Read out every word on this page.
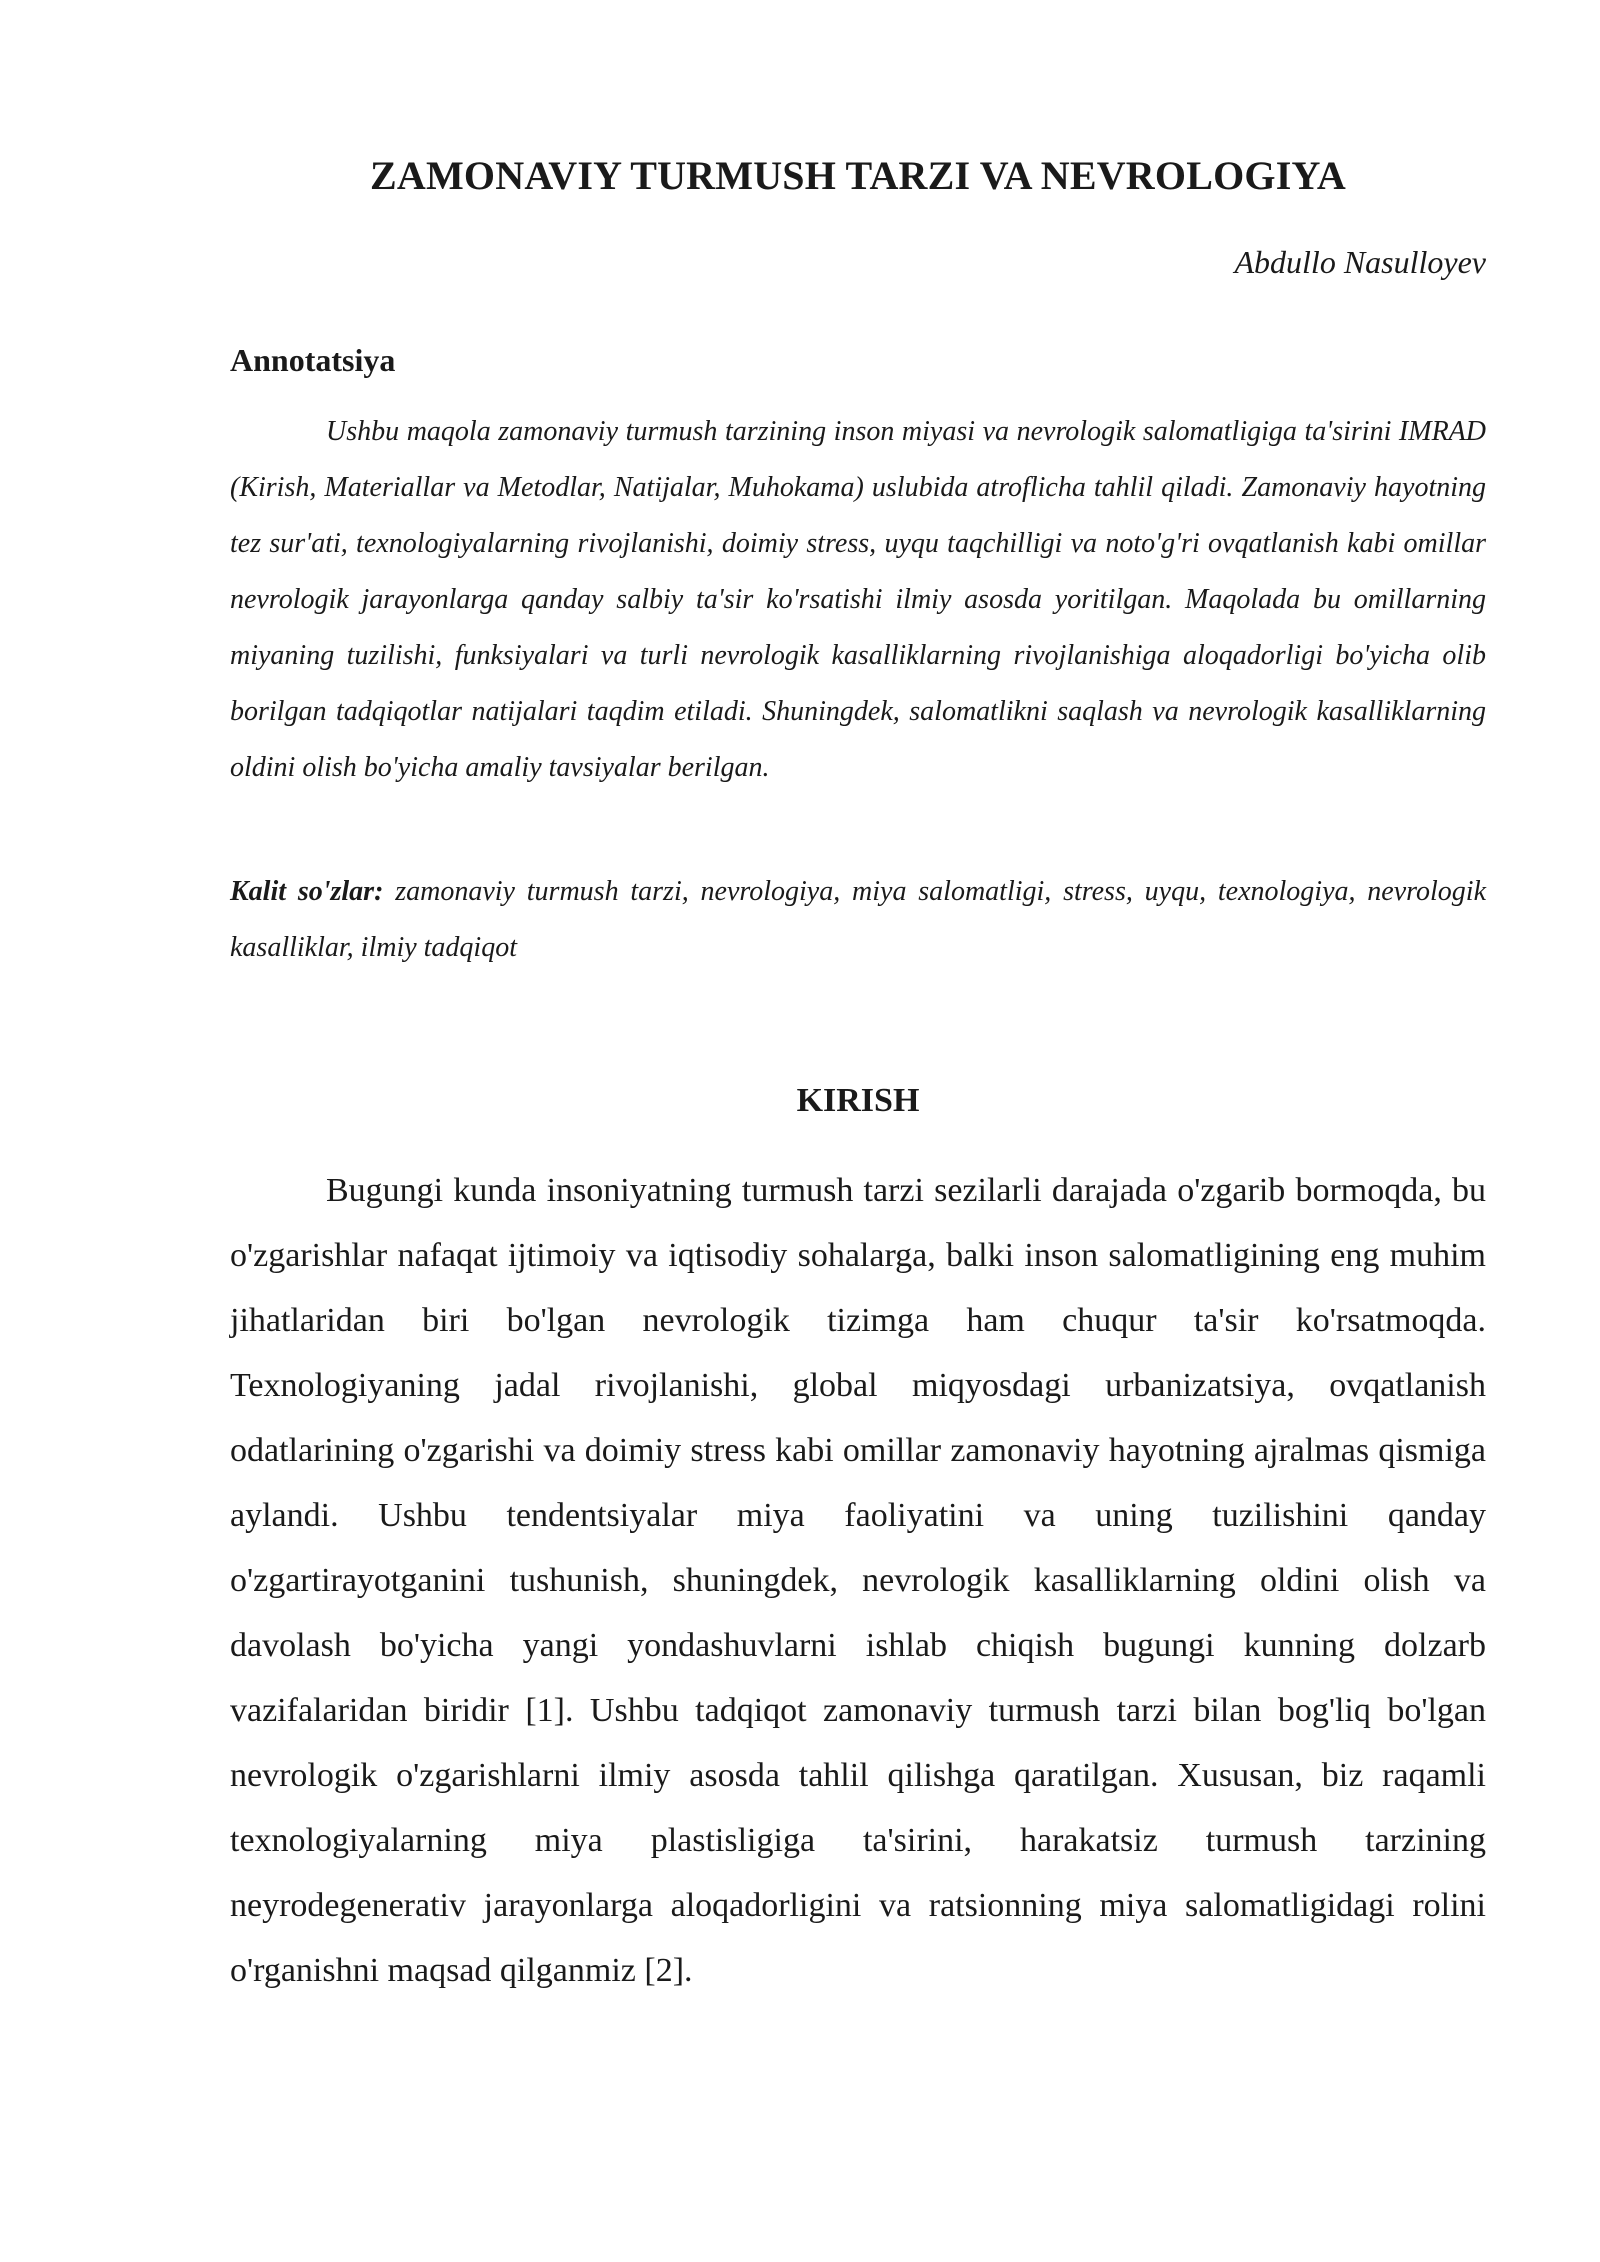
ZAMONAVIY TURMUSH TARZI VA NEVROLOGIYA
Abdullo Nasulloyev
Annotatsiya

Ushbu maqola zamonaviy turmush tarzining inson miyasi va nevrologik salomatligiga ta'sirini IMRAD (Kirish, Materiallar va Metodlar, Natijalar, Muhokama) uslubida atroflicha tahlil qiladi. Zamonaviy hayotning tez sur'ati, texnologiyalarning rivojlanishi, doimiy stress, uyqu taqchilligi va noto'g'ri ovqatlanish kabi omillar nevrologik jarayonlarga qanday salbiy ta'sir ko'rsatishi ilmiy asosda yoritilgan. Maqolada bu omillarning miyaning tuzilishi, funksiyalari va turli nevrologik kasalliklarning rivojlanishiga aloqadorligi bo'yicha olib borilgan tadqiqotlar natijalari taqdim etiladi. Shuningdek, salomatlikni saqlash va nevrologik kasalliklarning oldini olish bo'yicha amaliy tavsiyalar berilgan.

Kalit so'zlar: zamonaviy turmush tarzi, nevrologiya, miya salomatligi, stress, uyqu, texnologiya, nevrologik kasalliklar, ilmiy tadqiqot

KIRISH

Bugungi kunda insoniyatning turmush tarzi sezilarli darajada o'zgarib bormoqda, bu o'zgarishlar nafaqat ijtimoiy va iqtisodiy sohalarga, balki inson salomatligining eng muhim jihatlaridan biri bo'lgan nevrologik tizimga ham chuqur ta'sir ko'rsatmoqda. Texnologiyaning jadal rivojlanishi, global miqyosdagi urbanizatsiya, ovqatlanish odatlarining o'zgarishi va doimiy stress kabi omillar zamonaviy hayotning ajralmas qismiga aylandi. Ushbu tendentsiyalar miya faoliyatini va uning tuzilishini qanday o'zgartirayotganini tushunish, shuningdek, nevrologik kasalliklarning oldini olish va davolash bo'yicha yangi yondashuvlarni ishlab chiqish bugungi kunning dolzarb vazifalaridan biridir [1]. Ushbu tadqiqot zamonaviy turmush tarzi bilan bog'liq bo'lgan nevrologik o'zgarishlarni ilmiy asosda tahlil qilishga qaratilgan. Xususan, biz raqamli texnologiyalarning miya plastisligiga ta'sirini, harakatsiz turmush tarzining neyrodegenerativ jarayonlarga aloqadorligini va ratsionning miya salomatligidagi rolini o'rganishni maqsad qilganmiz [2].
